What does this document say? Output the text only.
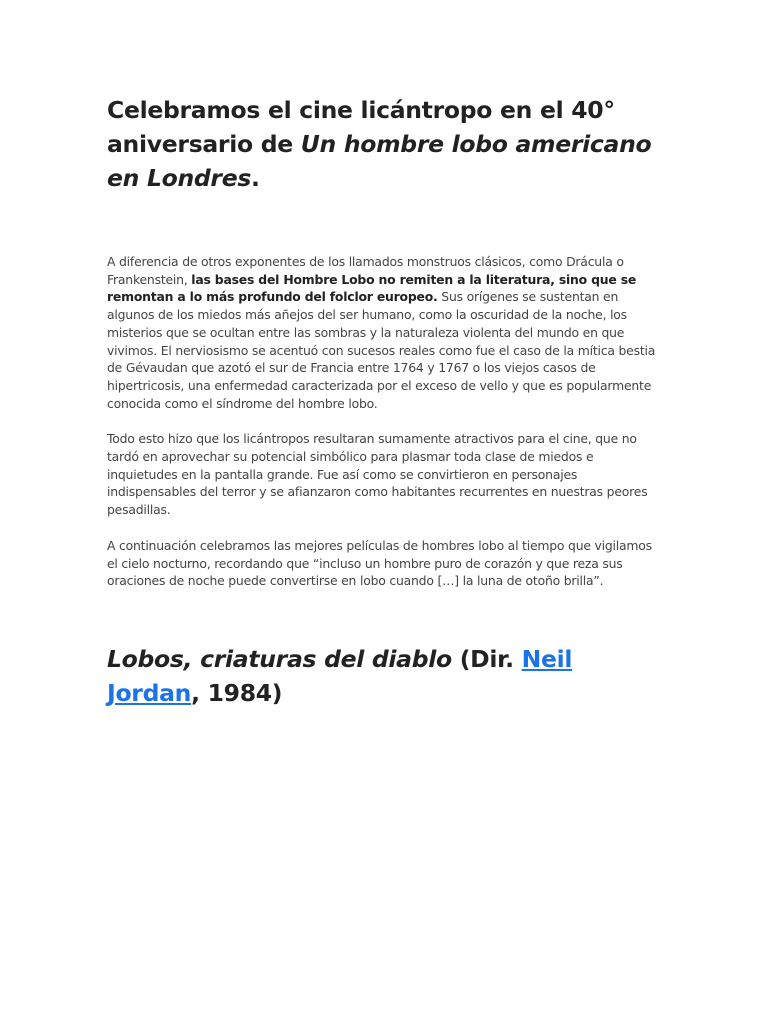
Celebramos el cine licántropo en el 40° aniversario de Un hombre lobo americano en Londres.

A diferencia de otros exponentes de los llamados monstruos clásicos, como Drácula o Frankenstein, las bases del Hombre Lobo no remiten a la literatura, sino que se remontan a lo más profundo del folclor europeo. Sus orígenes se sustentan en algunos de los miedos más añejos del ser humano, como la oscuridad de la noche, los misterios que se ocultan entre las sombras y la naturaleza violenta del mundo en que vivimos. El nerviosismo se acentuó con sucesos reales como fue el caso de la mítica bestia de Gévaudan que azotó el sur de Francia entre 1764 y 1767 o los viejos casos de hipertricosis, una enfermedad caracterizada por el exceso de vello y que es popularmente conocida como el síndrome del hombre lobo.

Todo esto hizo que los licántropos resultaran sumamente atractivos para el cine, que no tardó en aprovechar su potencial simbólico para plasmar toda clase de miedos e inquietudes en la pantalla grande. Fue así como se convirtieron en personajes indispensables del terror y se afianzaron como habitantes recurrentes en nuestras peores pesadillas.

A continuación celebramos las mejores películas de hombres lobo al tiempo que vigilamos el cielo nocturno, recordando que “incluso un hombre puro de corazón y que reza sus oraciones de noche puede convertirse en lobo cuando […] la luna de otoño brilla”.

Lobos, criaturas del diablo (Dir. Neil Jordan, 1984)
